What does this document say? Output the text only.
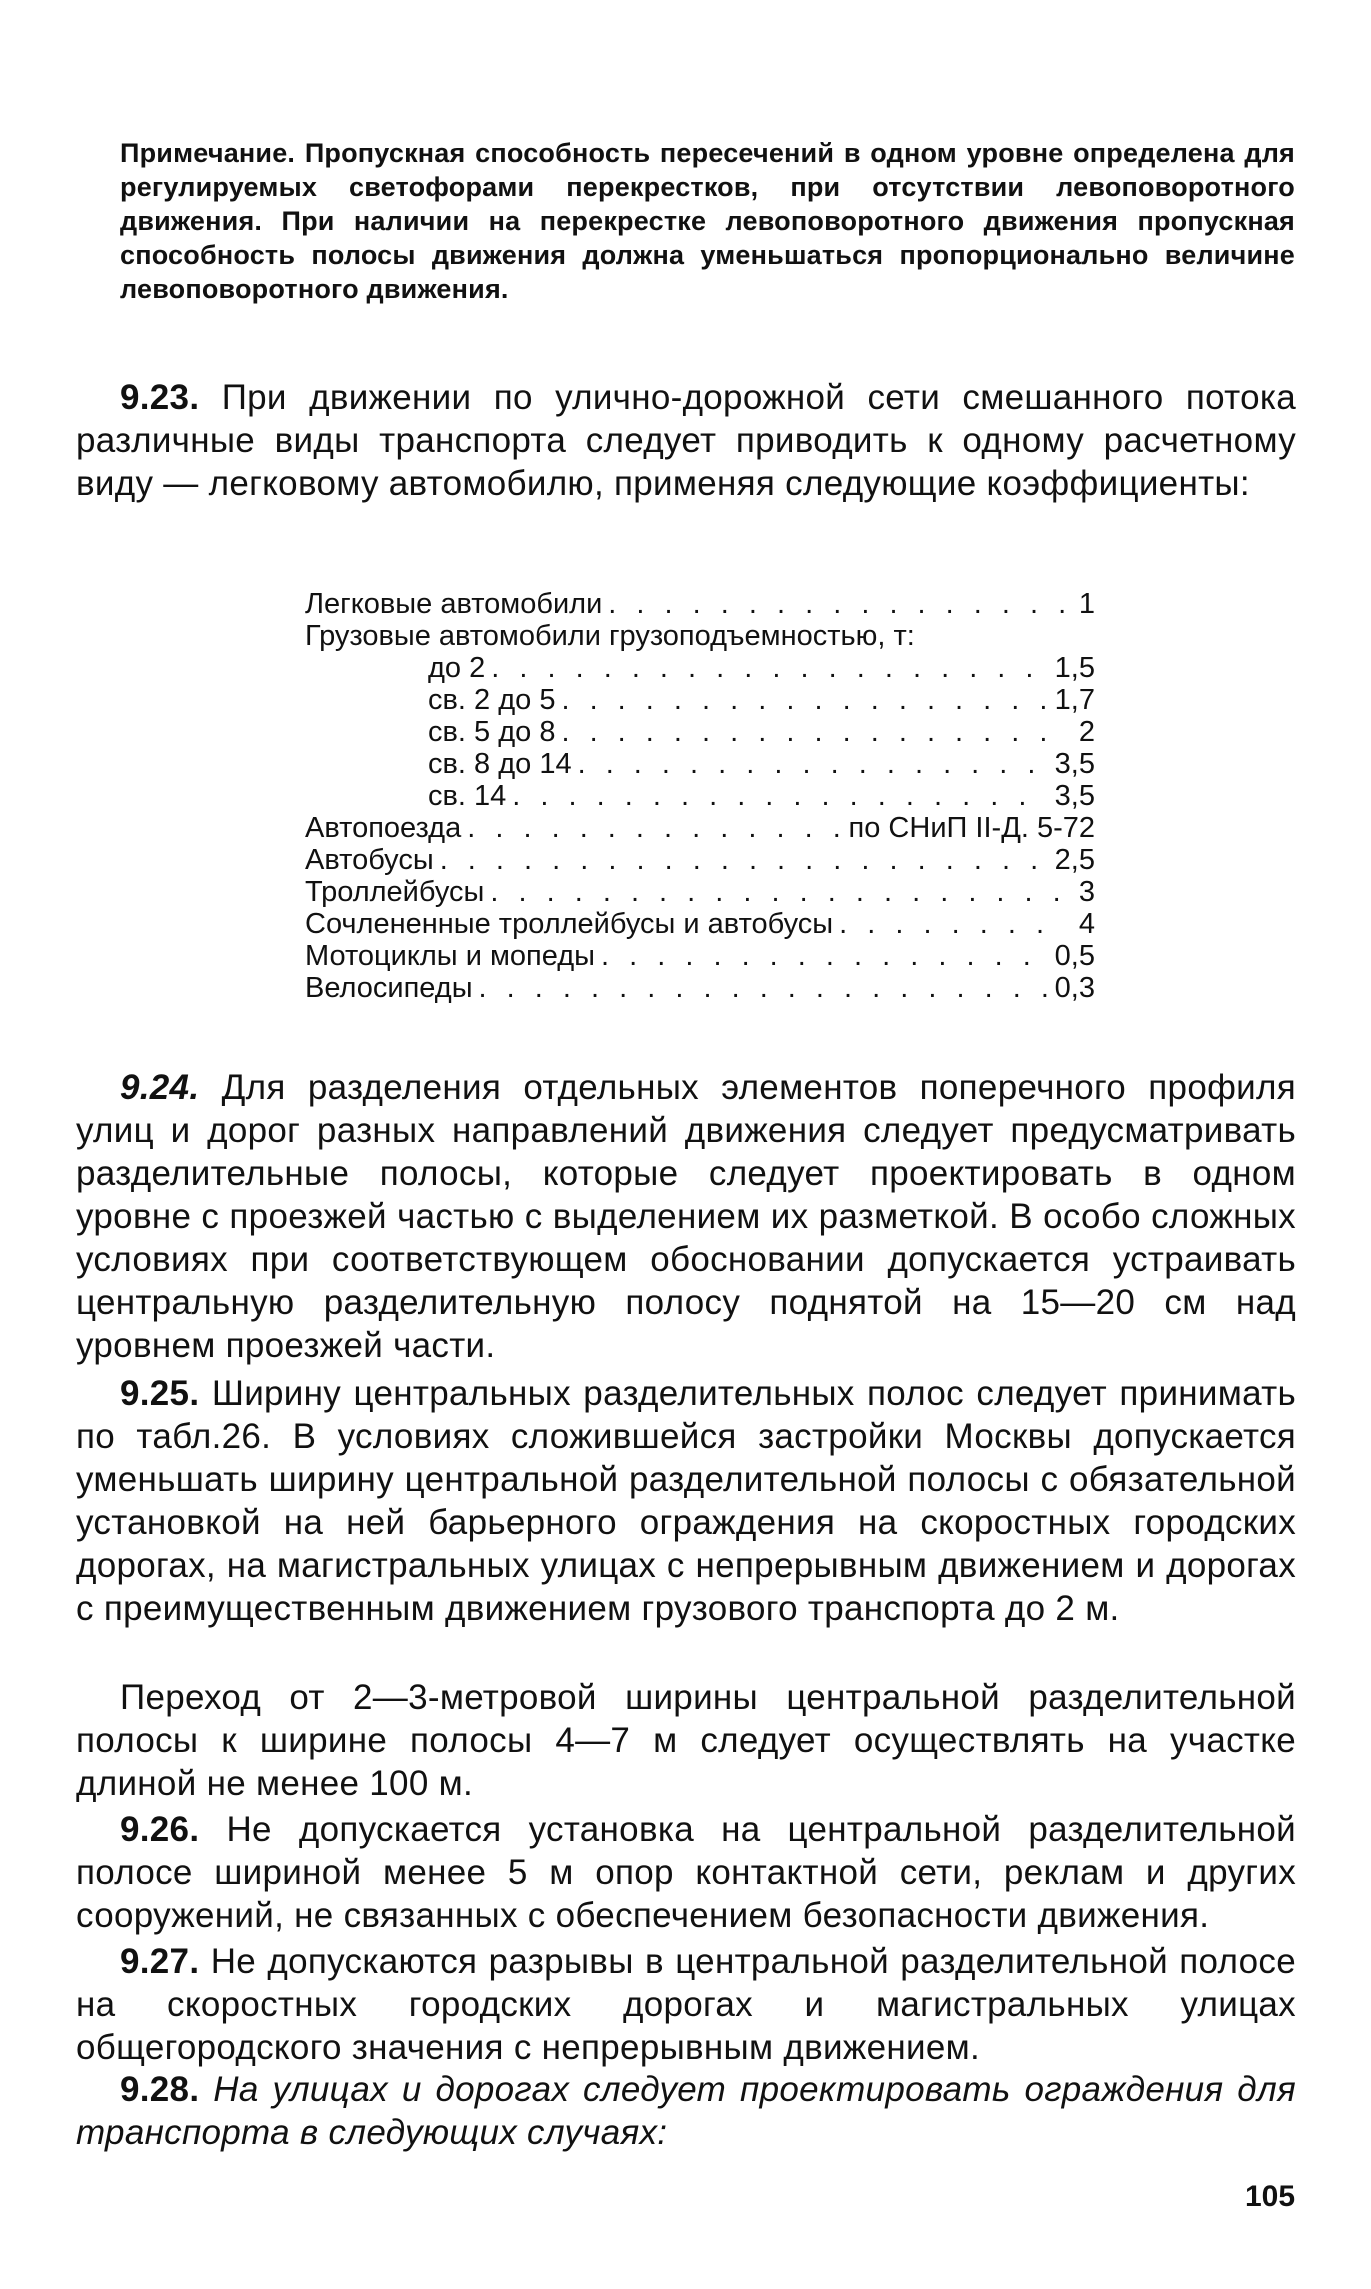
Примечание. Пропускная способность пересечений в одном уровне определена для регулируемых светофорами перекрестков, при отсутствии левоповоротного движения. При наличии на перекрестке левоповоротного движения пропускная способность полосы движения должна уменьшаться пропорционально величине левоповоротного движения.
9.23. При движении по улично-дорожной сети смешанного потока различные виды транспорта следует приводить к одному расчетному виду — легковому автомобилю, применяя следующие коэффициенты:
Легковые автомобили . . .	1
Грузовые автомобили грузоподъемностью, т:
до 2 . . .	1,5
св. 2 до 5 . . .	1,7
св. 5 до 8 . . .	2
св. 8 до 14 . . .	3,5
св. 14 . . .	3,5
Автопоезда . . .	по СНиП II-Д. 5-72
Автобусы . . .	2,5
Троллейбусы . . .	3
Сочлененные троллейбусы и автобусы . . .	4
Мотоциклы и мопеды . . .	0,5
Велосипеды . . .	0,3
9.24. Для разделения отдельных элементов поперечного профиля улиц и дорог разных направлений движения следует предусматривать разделительные полосы, которые следует проектировать в одном уровне с проезжей частью с выделением их разметкой. В особо сложных условиях при соответствующем обосновании допускается устраивать центральную разделительную полосу поднятой на 15—20 см над уровнем проезжей части.
9.25. Ширину центральных разделительных полос следует принимать по табл.26. В условиях сложившейся застройки Москвы допускается уменьшать ширину центральной разделительной полосы с обязательной установкой на ней барьерного ограждения на скоростных городских дорогах, на магистральных улицах с непрерывным движением и дорогах с преимущественным движением грузового транспорта до 2 м.
Переход от 2—3-метровой ширины центральной разделительной полосы к ширине полосы 4—7 м следует осуществлять на участке длиной не менее 100 м.
9.26. Не допускается установка на центральной разделительной полосе шириной менее 5 м опор контактной сети, реклам и других сооружений, не связанных с обеспечением безопасности движения.
9.27. Не допускаются разрывы в центральной разделительной полосе на скоростных городских дорогах и магистральных улицах общегородского значения с непрерывным движением.
9.28. На улицах и дорогах следует проектировать ограждения для транспорта в следующих случаях:
105
